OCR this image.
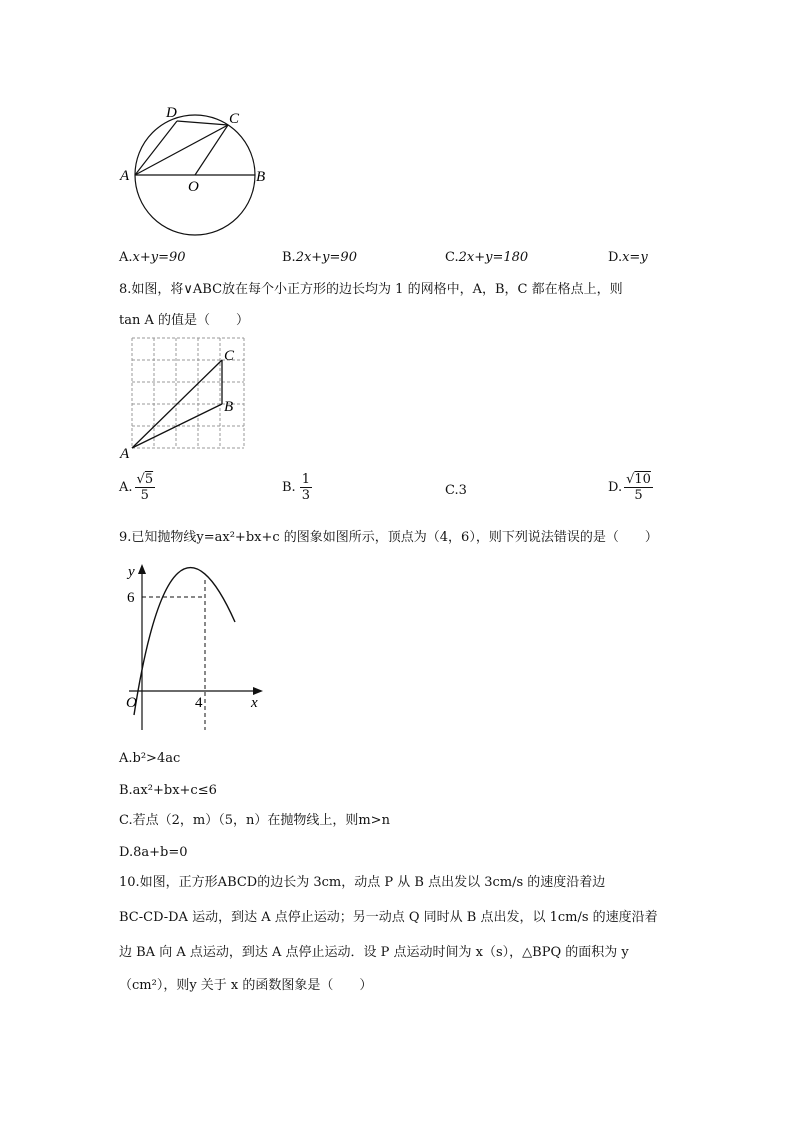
D	C
A
O
B
A.x+y=90	B.2x+y=90	C.2x+y=180	D.x=y
8.如图，将∨ABC放在每个小正方形的边长均为 1 的网格中，A，B，C 都在格点上，则
tan A 的值是（　　）
C
B
A
A. $\frac{√5}{5}$	B. $\frac{1}{3}$	C.3	D. $\frac{√10}{5}$
9.已知抛物线y=ax²+bx+c 的图象如图所示，顶点为（4，6），则下列说法错误的是（　　）
y
6
O	4	x
A.b²>4ac
B.ax²+bx+c≤6
C.若点（2，m）（5，n）在抛物线上，则m>n
D.8a+b=0
10.如图，正方形ABCD的边长为 3cm，动点 P 从 B 点出发以 3cm/s 的速度沿着边
BC-CD-DA 运动，到达 A 点停止运动；另一动点 Q 同时从 B 点出发，以 1cm/s 的速度沿着
边 BA 向 A 点运动，到达 A 点停止运动．设 P 点运动时间为 x（s），△BPQ 的面积为 y
（cm²），则y 关于 x 的函数图象是（　　）
